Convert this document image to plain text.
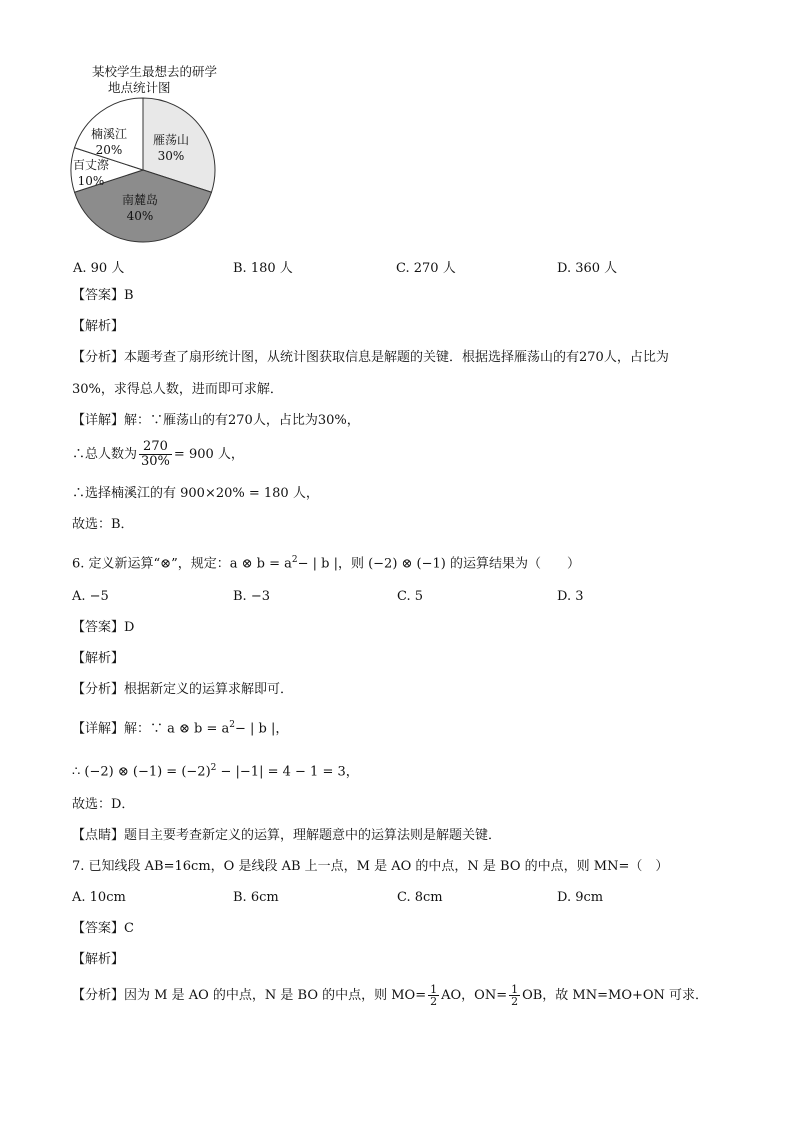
某校学生最想去的研学
地点统计图
雁荡山
30%
南麓岛
40%
百丈漈
10%
楠溪江
20%
A. 90 人	B. 180 人	C. 270 人	D. 360 人
【答案】B
【解析】
【分析】本题考查了扇形统计图，从统计图获取信息是解题的关键．根据选择雁荡山的有270人，占比为
30%，求得总人数，进而即可求解．
【详解】解：∵雁荡山的有270人，占比为30%，
∴总人数为 $\frac{270}{30\%} = 900$ 人，
∴选择楠溪江的有 900×20% = 180 人，
故选：B．
6. 定义新运算“⊗”，规定：a ⊗ $b = a^2-$ | b |，则 (−2) ⊗ (−1) 的运算结果为（　　）
A. −5	B. −3	C. 5	D. 3
【答案】D
【解析】
【分析】根据新定义的运算求解即可．
【详解】解：∵ a ⊗ $b = a^2-$ | b |，
∴ (−2) ⊗ $(-1) = (-2)^2 - |-1| = 4 - 1 = 3$，
故选：D．
【点睛】题目主要考查新定义的运算，理解题意中的运算法则是解题关键．
7. 已知线段 AB=16cm，O 是线段 AB 上一点，M 是 AO 的中点，N 是 BO 的中点，则 MN=（　）
A. 10cm	B. 6cm	C. 8cm	D. 9cm
【答案】C
【解析】
【分析】因为 M 是 AO 的中点，N 是 BO 的中点，则 $MO= \frac{1}{2}$ AO，$ON= \frac{1}{2}$ OB，故 MN=MO+ON 可求．
